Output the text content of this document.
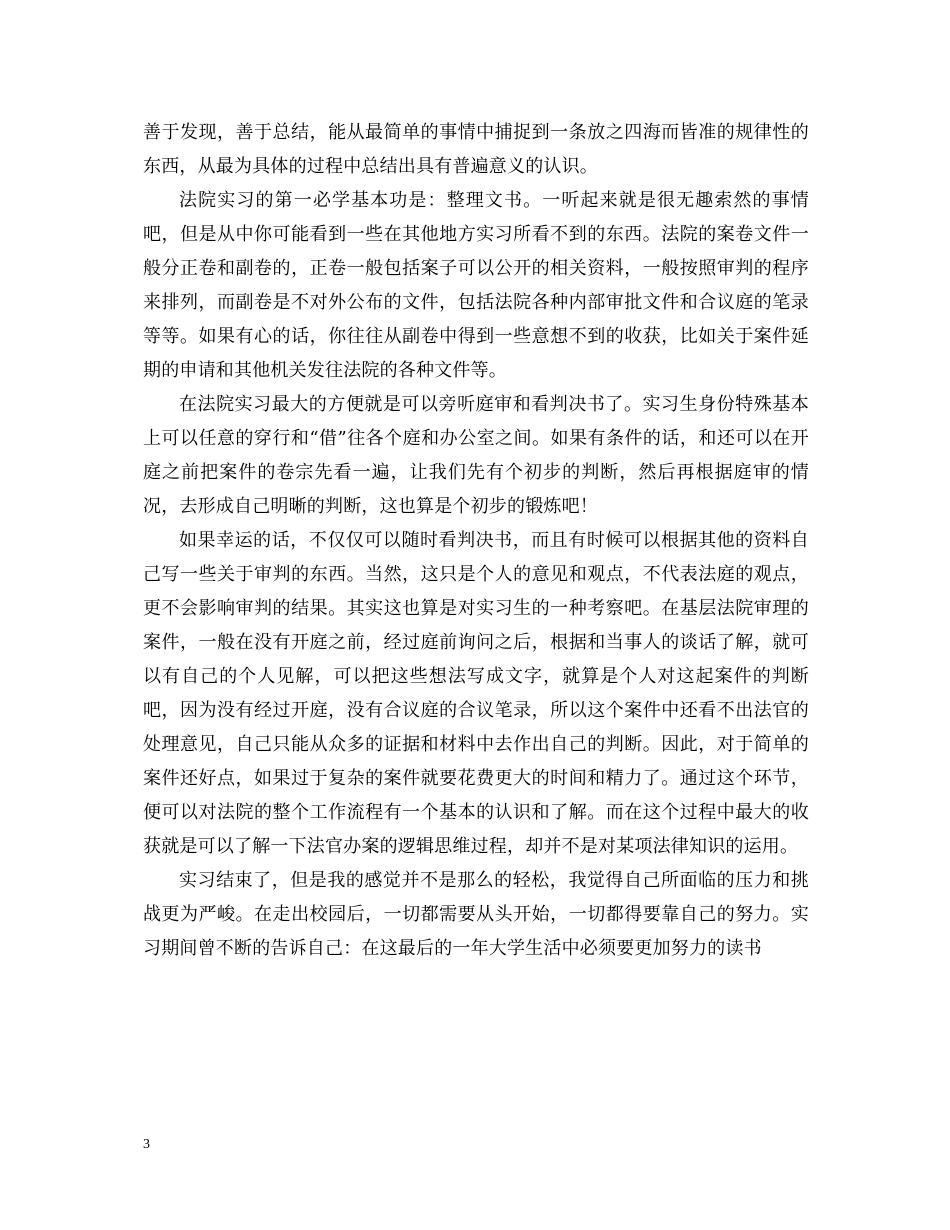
善于发现，善于总结，能从最简单的事情中捕捉到一条放之四海而皆准的规律性的东西，从最为具体的过程中总结出具有普遍意义的认识。

法院实习的第一必学基本功是：整理文书。一听起来就是很无趣索然的事情吧，但是从中你可能看到一些在其他地方实习所看不到的东西。法院的案卷文件一般分正卷和副卷的，正卷一般包括案子可以公开的相关资料，一般按照审判的程序来排列，而副卷是不对外公布的文件，包括法院各种内部审批文件和合议庭的笔录等等。如果有心的话，你往往从副卷中得到一些意想不到的收获，比如关于案件延期的申请和其他机关发往法院的各种文件等。

在法院实习最大的方便就是可以旁听庭审和看判决书了。实习生身份特殊基本上可以任意的穿行和“借”往各个庭和办公室之间。如果有条件的话，和还可以在开庭之前把案件的卷宗先看一遍，让我们先有个初步的判断，然后再根据庭审的情况，去形成自己明晰的判断，这也算是个初步的锻炼吧！

如果幸运的话，不仅仅可以随时看判决书，而且有时候可以根据其他的资料自己写一些关于审判的东西。当然，这只是个人的意见和观点，不代表法庭的观点，更不会影响审判的结果。其实这也算是对实习生的一种考察吧。在基层法院审理的案件，一般在没有开庭之前，经过庭前询问之后，根据和当事人的谈话了解，就可以有自己的个人见解，可以把这些想法写成文字，就算是个人对这起案件的判断吧，因为没有经过开庭，没有合议庭的合议笔录，所以这个案件中还看不出法官的处理意见，自己只能从众多的证据和材料中去作出自己的判断。因此，对于简单的案件还好点，如果过于复杂的案件就要花费更大的时间和精力了。通过这个环节，便可以对法院的整个工作流程有一个基本的认识和了解。而在这个过程中最大的收获就是可以了解一下法官办案的逻辑思维过程，却并不是对某项法律知识的运用。

实习结束了，但是我的感觉并不是那么的轻松，我觉得自己所面临的压力和挑战更为严峻。在走出校园后，一切都需要从头开始，一切都得要靠自己的努力。实习期间曾不断的告诉自己：在这最后的一年大学生活中必须要更加努力的读书

3
